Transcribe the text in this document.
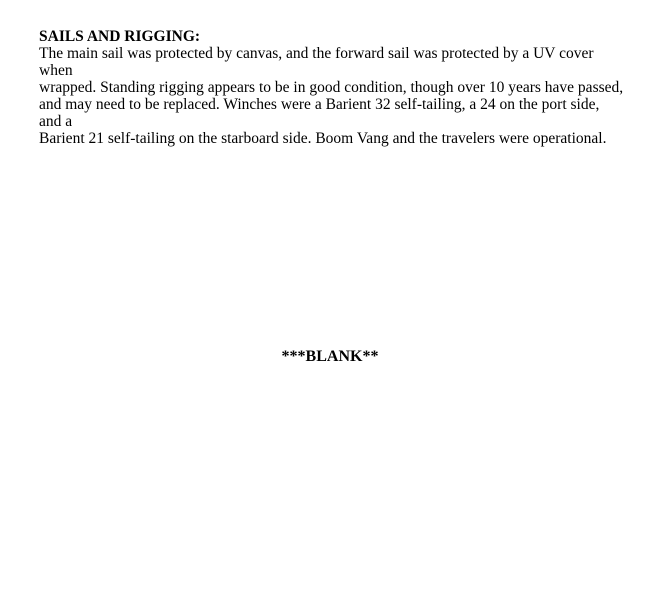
SAILS AND RIGGING:

The main sail was protected by canvas, and the forward sail was protected by a UV cover when
wrapped. Standing rigging appears to be in good condition, though over 10 years have passed,
and may need to be replaced. Winches were a Barient 32 self-tailing, a 24 on the port side, and a
Barient 21 self-tailing on the starboard side. Boom Vang and the travelers were operational.
***BLANK**
